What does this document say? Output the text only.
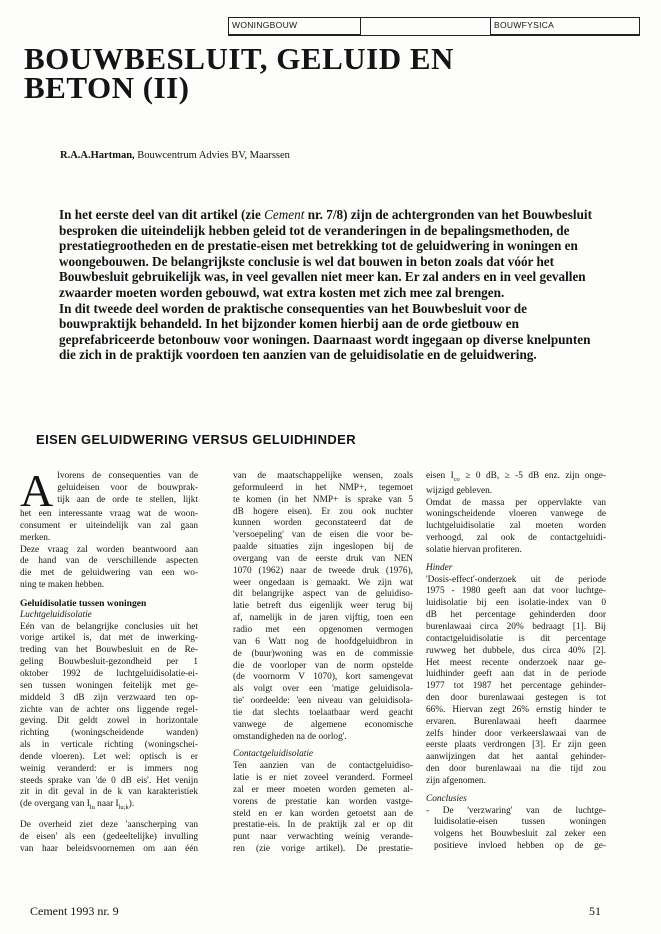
WONINGBOUW	BOUWFYSICA
BOUWBESLUIT, GELUID EN
BETON (II)
R.A.A.Hartman, Bouwcentrum Advies BV, Maarssen

In het eerste deel van dit artikel (zie Cement nr. 7/8) zijn de achtergronden van het Bouwbesluit besproken die uiteindelijk hebben geleid tot de veranderingen in de bepalingsmethoden, de prestatiegrootheden en de prestatie-eisen met betrekking tot de geluidwering in woningen en woongebouwen. De belangrijkste conclusie is wel dat bouwen in beton zoals dat vóór het Bouwbesluit gebruikelijk was, in veel gevallen niet meer kan. Er zal anders en in veel gevallen zwaarder moeten worden gebouwd, wat extra kosten met zich mee zal brengen.

In dit tweede deel worden de praktische consequenties van het Bouwbesluit voor de bouwpraktijk behandeld. In het bijzonder komen hierbij aan de orde gietbouw en geprefabriceerde betonbouw voor woningen. Daarnaast wordt ingegaan op diverse knelpunten die zich in de praktijk voordoen ten aanzien van de geluidisolatie en de geluidwering.

EISEN GELUIDWERING VERSUS GELUIDHINDER
A lvorens de consequenties van de
geluideisen voor de bouwprak-
tijk aan de orde te stellen, lijkt
het een interessante vraag wat de woon-
consument er uiteindelijk van zal gaan
merken.
Deze vraag zal worden beantwoord aan
de hand van de verschillende aspecten
die met de geluidwering van een wo-
ning te maken hebben.
Geluidisolatie tussen woningen
Luchtgeluidisolatie
Eén van de belangrijke conclusies uit het
vorige artikel is, dat met de inwerking-
treding van het Bouwbesluit en de Re-
geling Bouwbesluit-gezondheid per 1
oktober 1992 de luchtgeluidisolatie-ei-
sen tussen woningen feitelijk met ge-
middeld 3 dB zijn verzwaard ten op-
zichte van de achter ons liggende regel-
geving. Dit geldt zowel in horizontale
richting (woningscheidende wanden)
als in verticale richting (woningschei-
dende vloeren). Let wel: optisch is er
weinig veranderd: er is immers nog
steeds sprake van 'de 0 dB eis'. Het venijn
zit in dit geval in de k van karakteristiek
(de overgang van $I_{lu}$ naar $I_{lu;k}$).
De overheid ziet deze 'aanscherping van
de eisen' als een (gedeeltelijke) invulling
van haar beleidsvoornemen om aan één
van de maatschappelijke wensen, zoals
geformuleerd in het NMP+, tegemoet
te komen (in het NMP+ is sprake van 5
dB hogere eisen). Er zou ook nuchter
kunnen worden geconstateerd dat de
'versoepeling' van de eisen die voor be-
paalde situaties zijn ingeslopen bij de
overgang van de eerste druk van NEN
1070 (1962) naar de tweede druk (1976),
weer ongedaan is gemaakt. We zijn wat
dit belangrijke aspect van de geluidiso-
latie betreft dus eigenlijk weer terug bij
af, namelijk in de jaren vijftig, toen een
radio met een opgenomen vermogen
van 6 Watt nog de hoofdgeluidbron in
de (buur)woning was en de commissie
die de voorloper van de norm opstelde
(de voornorm V 1070), kort samengevat
als volgt over een 'matige geluidisola-
tie' oordeelde: 'een niveau van geluidisola-
tie dat slechts toelaatbaar werd geacht
vanwege de algemene economische
omstandigheden na de oorlog'.
Contactgeluidisolatie
Ten aanzien van de contactgeluidiso-
latie is er niet zoveel veranderd. Formeel
zal er meer moeten worden gemeten al-
vorens de prestatie kan worden vastge-
steld en er kan worden getoetst aan de
prestatie-eis. In de praktijk zal er op dit
punt naar verwachting weinig verande-
ren (zie vorige artikel). De prestatie-
eisen $I_{co} \ge 0$ dB, ≥ -5 dB enz. zijn onge-
wijzigd gebleven.
Omdat de massa per oppervlakte van
woningscheidende vloeren vanwege de
luchtgeluidisolatie zal moeten worden
verhoogd, zal ook de contactgeluidi-
solatie hiervan profiteren.
Hinder
'Dosis-effect'-onderzoek uit de periode
1975 - 1980 geeft aan dat voor luchtge-
luidisolatie bij een isolatie-index van 0
dB het percentage gehinderden door
burenlawaai circa 20% bedraagt [1]. Bij
contactgeluidisolatie is dit percentage
ruwweg het dubbele, dus circa 40% [2].
Het meest recente onderzoek naar ge-
luidhinder geeft aan dat in de periode
1977 tot 1987 het percentage gehinder-
den door burenlawaai gestegen is tot
66%. Hiervan zegt 26% ernstig hinder te
ervaren. Burenlawaai heeft daarmee
zelfs hinder door verkeerslawaai van de
eerste plaats verdrongen [3]. Er zijn geen
aanwijzingen dat het aantal gehinder-
den door burenlawaai na die tijd zou
zijn afgenomen.
Conclusies
- De 'verzwaring' van de luchtge-
luidisolatie-eisen tussen woningen
volgens het Bouwbesluit zal zeker een
positieve invloed hebben op de ge-
Cement 1993 nr. 9	51
